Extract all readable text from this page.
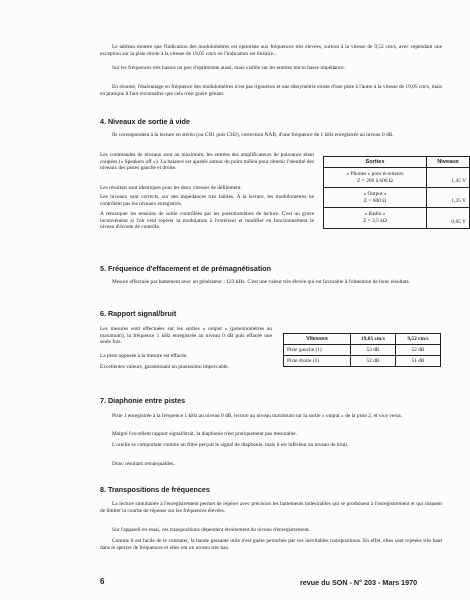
Le tableau montre que l'indication des modulomètres est optimiste aux fréquences très élevées, surtout à la vitesse de 9,52 cm/s, avec cependant une exception sur la piste droite à la vitesse de 19,05 cm/s où l'indication est linéaire...

Sur les fréquences très basses un peu d'optimisme aussi, mais visible sur les entrées micro basse impédance.

En résumé, l'étalonnage en fréquence des modulomètres n'est pas rigoureux et une dissymétrie existe d'une piste à l'autre à la vitesse de 19,05 cm/s, mais en pratique il faut reconnaître que cela n'est guère gênant.

4. Niveaux de sortie à vide

Ils correspondent à la lecture en stéréo (ou CH1 puis CH2), correction NAB, d'une fréquence de 1 kHz enregistrée au niveau 0 dB.

Les commandes de niveaux sont au maximum, les entrées des amplificateurs de puissance étant coupées (« Speakers off »). La balance est ajustée autour du point milieu pour obtenir l'identité des niveaux des pistes gauche et droite.

Les résultats sont identiques pour les deux vitesses de défilement.

Les niveaux sont corrects, sur des impédances très faibles. A la lecture, les modulomètres ne contrôlent pas les niveaux enregistrés.

A remarquer les tensions de sortie contrôlées par les potentiomètres de lecture. C'est un grave inconvénient si l'on veut repérer la modulation à l'extérieur et modifier en fonctionnement le niveau d'écoute de contrôle.

Sorties	Niveaux
« Phones » pour écouteurs
Z = 200 à 600 Ω	1,45 V
« Output »
Z = 600 Ω	1,35 V
« Radio »
Z = 2,5 kΩ	0,65 V
5. Fréquence d'effacement et de prémagnétisation

Mesure effectuée par battement avec un générateur : 123 kHz. C'est une valeur très élevée qui est favorable à l'obtention de bons résultats.

6. Rapport signal/bruit

Les mesures sont effectuées sur les sorties « output » (potentiomètres au maximum), la fréquence 1 kHz enregistrée au niveau 0 dB puis effacée une seule fois.

La piste opposée à la mesure est effacée.

Excellentes valeurs, garantissant un pianissimo impeccable.

Vitesses	19,05 cm/s	9,52 cm/s
Piste gauche (1)	53 dB	52 dB
Piste droite (2)	52 dB	51 dB
7. Diaphonie entre pistes

Piste 1 enregistrée à la fréquence 1 kHz au niveau 0 dB, lecture au niveau maximum sur la sortie « output » de la piste 2, et vice versa.

Malgré l'excellent rapport signal/bruit, la diaphonie n'est pratiquement pas mesurable.

L'oreille se comportant comme un filtre perçoit le signal de diaphonie, mais il est inférieur au niveau de bruit.

Donc résultats remarquables.

8. Transpositions de fréquences

La lecture simultanée à l'enregistrement permet de repérer avec précision les battements indésirables qui se produisent à l'enregistrement et qui risquent de limiter la courbe de réponse sur les fréquences élevées.

Sur l'appareil en essai, ces transpositions dépendent étroitement du niveau d'enregistrement.

Comme il est facile de le constater, la bande passante utile n'est guère perturbée par ces inévitables transpositions. En effet, elles sont rejetées très haut dans le spectre de fréquences et elles ont un niveau très bas.

6	revue du SON - N° 203 - Mars 1970
